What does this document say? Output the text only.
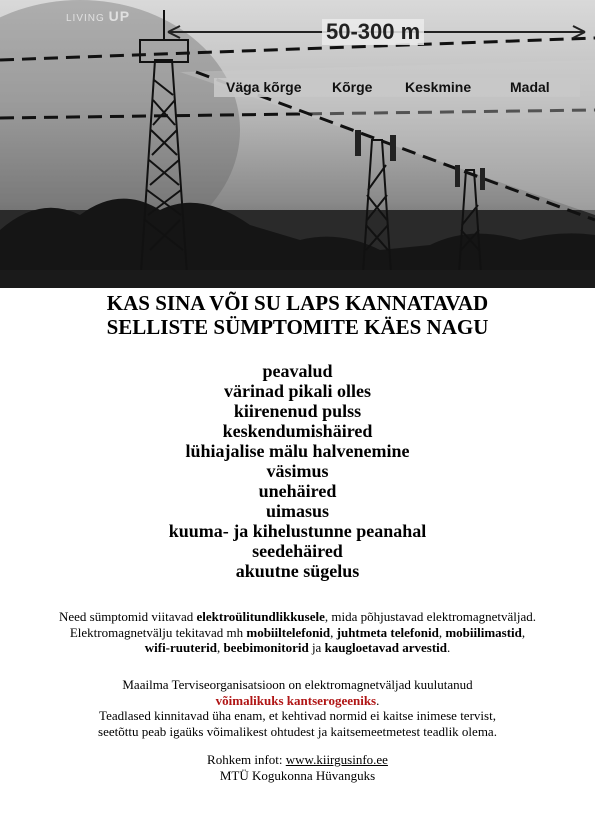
LIVING UP
50-300 m
Väga kõrge Kõrge Keskmine	Madal
KAS SINA VÕI SU LAPS KANNATAVAD
SELLISTE SÜMPTOMITE KÄES NAGU
peavalud
värinad pikali olles
kiirenenud pulss
keskendumishäired
lühiajalise mälu halvenemine
väsimus
unehäired
uimasus
kuuma- ja kihelustunne peanahal
seedehäired
akuutne sügelus
Need sümptomid viitavad elektroülitundlikkusele, mida põhjustavad elektromagnetväljad.
Elektromagnetvälju tekitavad mh mobiiltelefonid, juhtmeta telefonid, mobiilimastid,
wifi-ruuterid, beebimonitorid ja kaugloetavad arvestid.
Maailma Terviseorganisatsioon on elektromagnetväljad kuulutanud
võimalikuks kantserogeeniks.
Teadlased kinnitavad üha enam, et kehtivad normid ei kaitse inimese tervist,
seetõttu peab igaüks võimalikest ohtudest ja kaitsemeetmetest teadlik olema.
Rohkem infot: www.kiirgusinfo.ee
MTÜ Kogukonna Hüvanguks
